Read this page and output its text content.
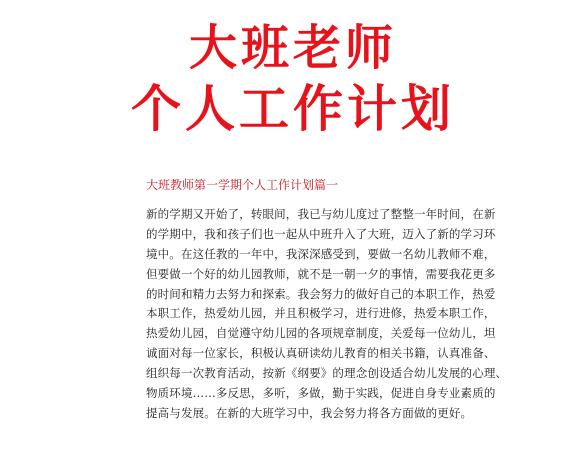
大班老师
个人工作计划

大班教师第一学期个人工作计划篇一

新的学期又开始了，转眼间，我已与幼儿度过了整整一年时间，在新
的学期中，我和孩子们也一起从中班升入了大班，迈入了新的学习环
境中。在这任教的一年中，我深深感受到，要做一名幼儿教师不难，
但要做一个好的幼儿园教师，就不是一朝一夕的事情，需要我花更多
的时间和精力去努力和探索。我会努力的做好自己的本职工作，热爱
本职工作，热爱幼儿园，并且积极学习，进行进修，热爱本职工作，
热爱幼儿园，自觉遵守幼儿园的各项规章制度，关爱每一位幼儿，坦
诚面对每一位家长，积极认真研读幼儿教育的相关书籍，认真准备、
组织每一次教育活动，按新《纲要》的理念创设适合幼儿发展的心理、
物质环境……多反思，多听，多做，勤于实践，促进自身专业素质的
提高与发展。在新的大班学习中，我会努力将各方面做的更好。
